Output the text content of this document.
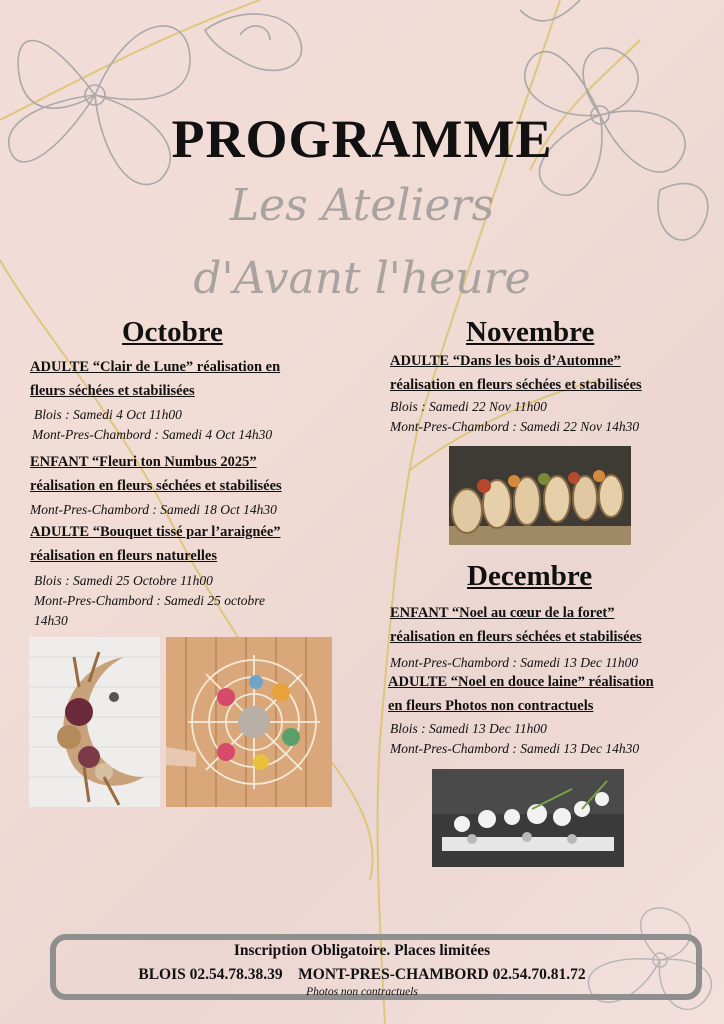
PROGRAMME
Les Ateliers
d'Avant l'heure
Octobre
ADULTE “Clair de Lune” réalisation en
fleurs séchées et stabilisées
Blois : Samedi 4 Oct 11h00
Mont-Pres-Chambord : Samedi 4 Oct 14h30
ENFANT “Fleuri ton Numbus 2025”
réalisation en fleurs séchées et stabilisées
Mont-Pres-Chambord : Samedi 18 Oct 14h30
ADULTE “Bouquet tissé par l’araignée”
réalisation en fleurs naturelles
Blois : Samedi 25 Octobre 11h00
Mont-Pres-Chambord : Samedi 25 octobre
14h30
Novembre
ADULTE “Dans les bois d’Automne”
réalisation en fleurs séchées et stabilisées
Blois : Samedi 22 Nov 11h00
Mont-Pres-Chambord : Samedi 22 Nov 14h30
Decembre
ENFANT “Noel au cœur de la foret”
réalisation en fleurs séchées et stabilisées
Mont-Pres-Chambord : Samedi 13 Dec 11h00
ADULTE “Noel en douce laine” réalisation
en fleurs Photos non contractuels
Blois : Samedi 13 Dec 11h00
Mont-Pres-Chambord : Samedi 13 Dec 14h30
Inscription Obligatoire. Places limitées
BLOIS 02.54.78.38.39    MONT-PRES-CHAMBORD 02.54.70.81.72
Photos non contractuels
